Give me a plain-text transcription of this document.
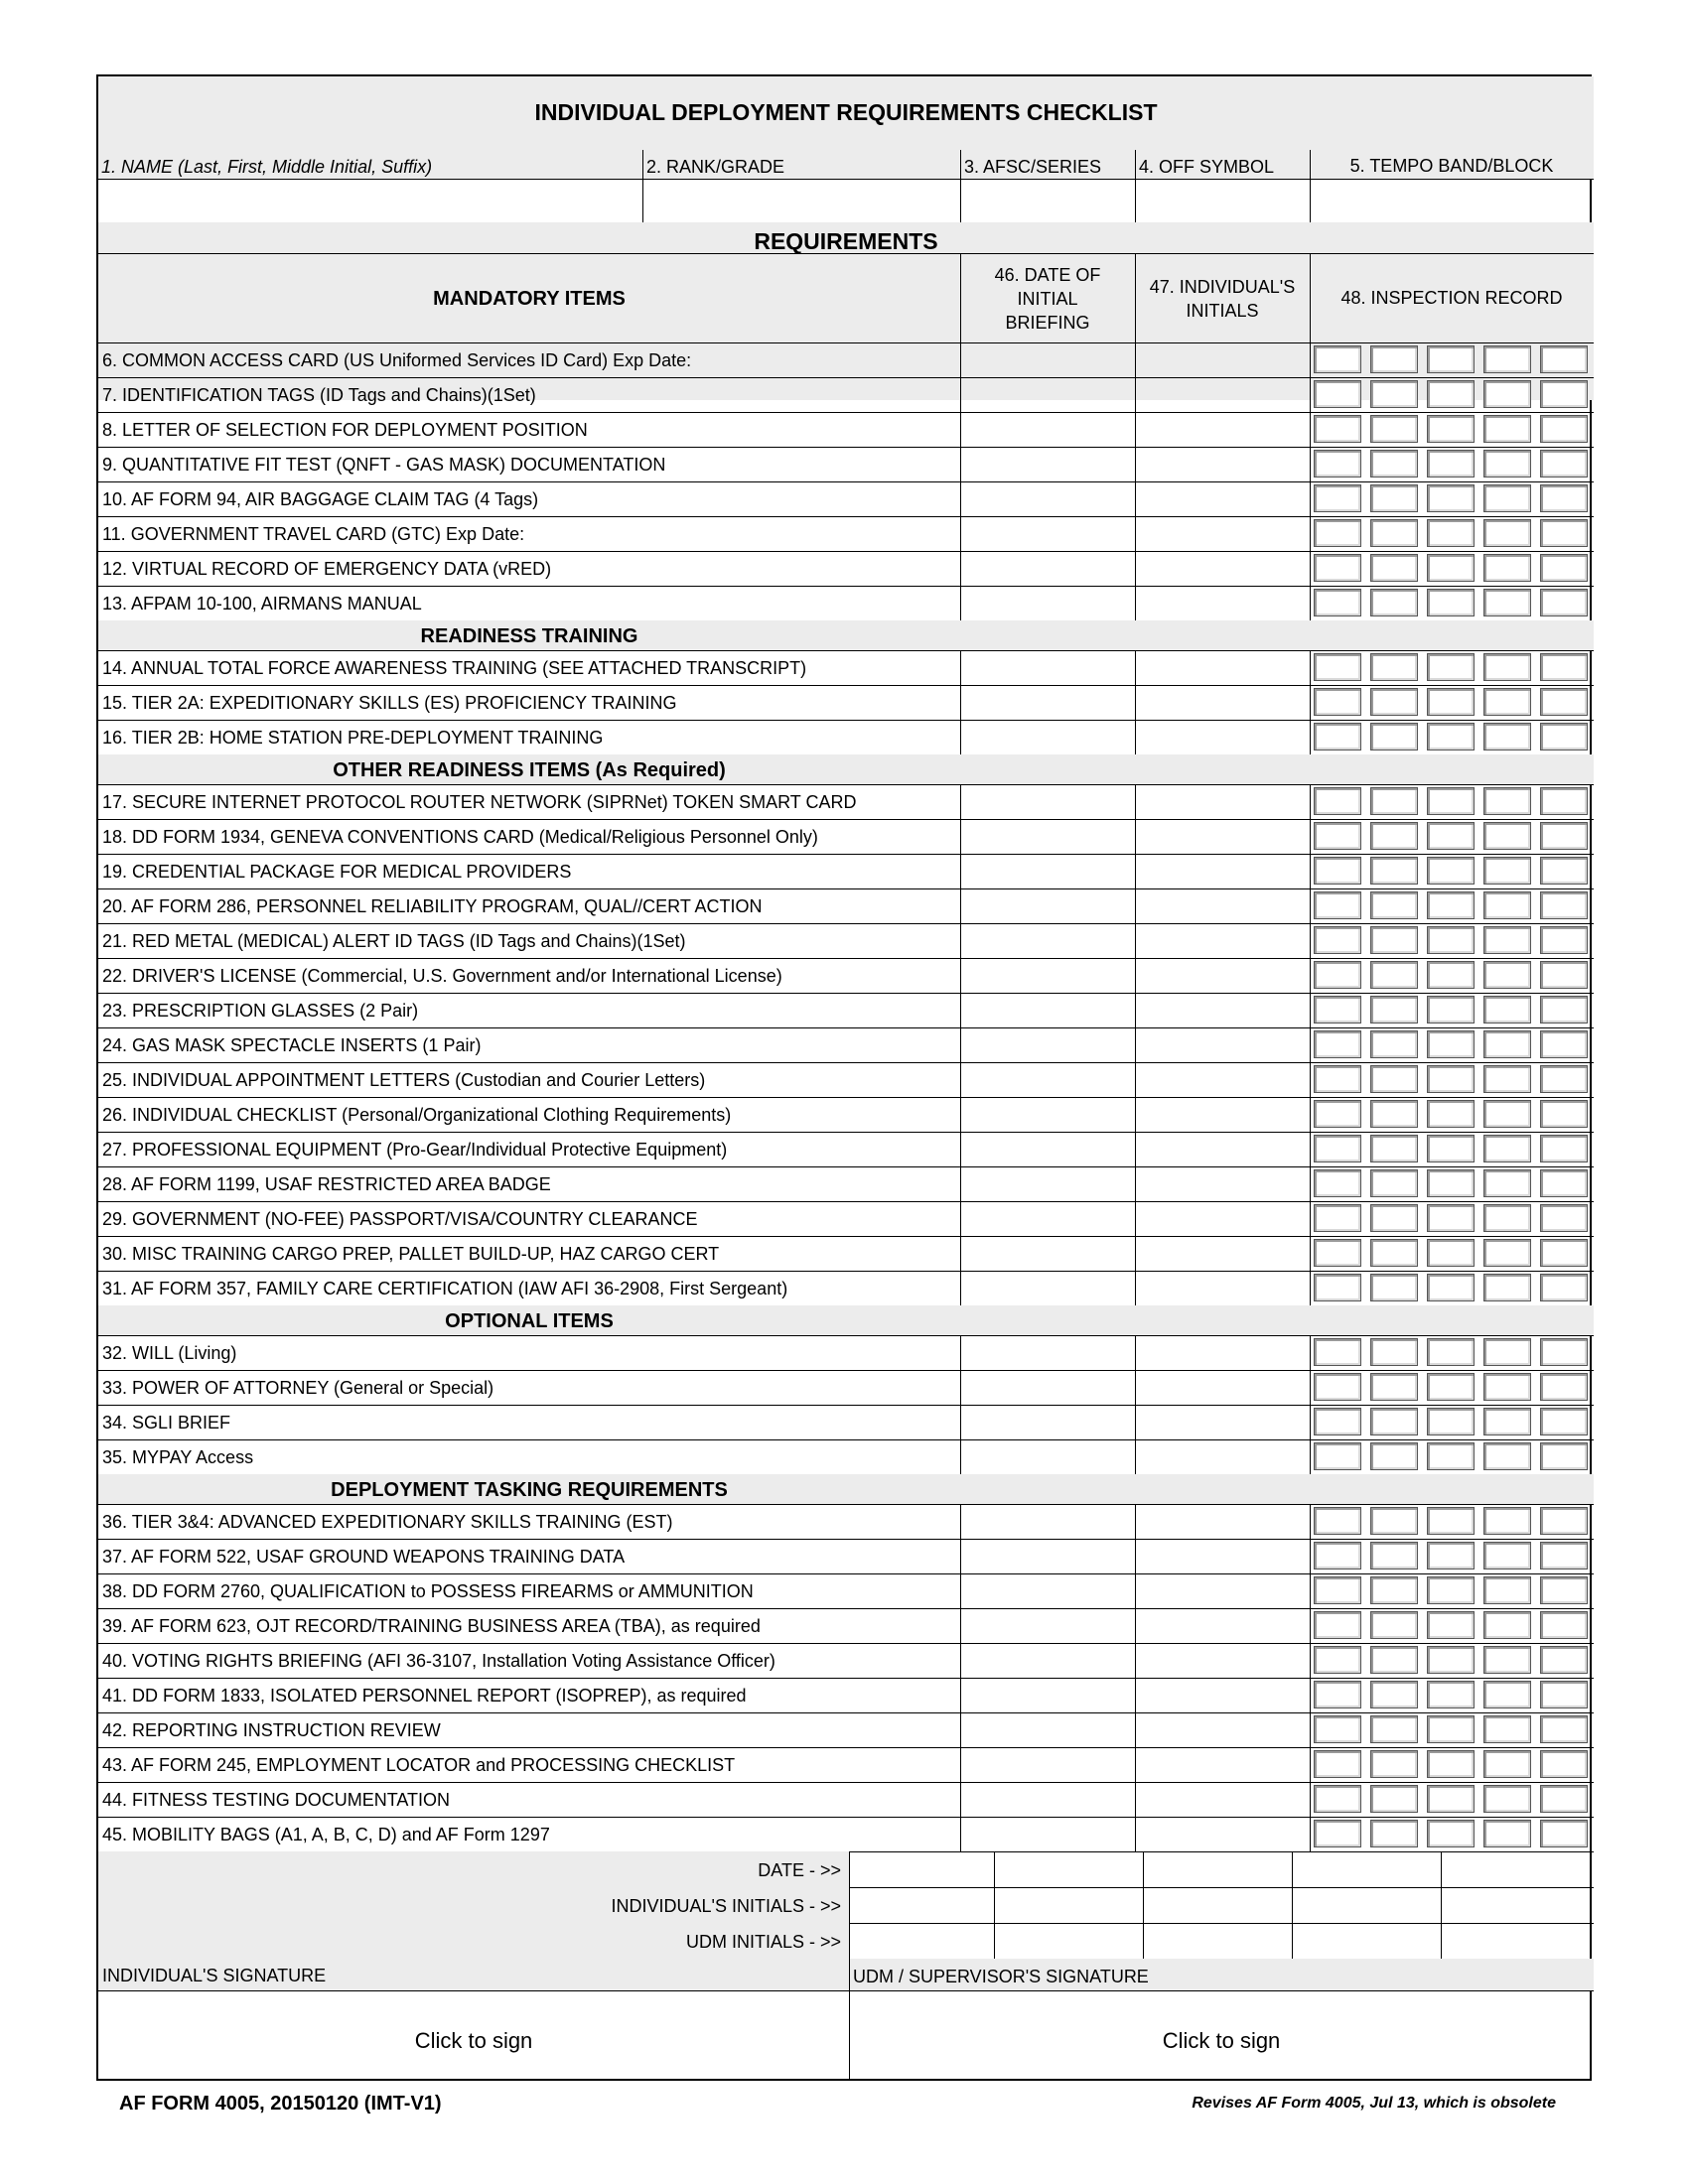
INDIVIDUAL DEPLOYMENT REQUIREMENTS CHECKLIST
1. NAME (Last, First, Middle Initial, Suffix)	2. RANK/GRADE	3. AFSC/SERIES 4. OFF SYMBOL	5. TEMPO BAND/BLOCK
REQUIREMENTS
MANDATORY ITEMS
46. DATE OF
INITIAL
BRIEFING
47. INDIVIDUAL'S
INITIALS
48. INSPECTION RECORD
6. COMMON ACCESS CARD (US Uniformed Services ID Card) Exp Date:
7. IDENTIFICATION TAGS (ID Tags and Chains)(1Set)
8. LETTER OF SELECTION FOR DEPLOYMENT POSITION
9. QUANTITATIVE FIT TEST (QNFT - GAS MASK) DOCUMENTATION
10. AF FORM 94, AIR BAGGAGE CLAIM TAG (4 Tags)
11. GOVERNMENT TRAVEL CARD (GTC) Exp Date:
12. VIRTUAL RECORD OF EMERGENCY DATA (vRED)
13. AFPAM 10-100, AIRMANS MANUAL
READINESS TRAINING
14. ANNUAL TOTAL FORCE AWARENESS TRAINING (SEE ATTACHED TRANSCRIPT)
15. TIER 2A: EXPEDITIONARY SKILLS (ES) PROFICIENCY TRAINING
16. TIER 2B: HOME STATION PRE-DEPLOYMENT TRAINING
OTHER READINESS ITEMS (As Required)
17. SECURE INTERNET PROTOCOL ROUTER NETWORK (SIPRNet) TOKEN SMART CARD
18. DD FORM 1934, GENEVA CONVENTIONS CARD (Medical/Religious Personnel Only)
19. CREDENTIAL PACKAGE FOR MEDICAL PROVIDERS
20. AF FORM 286, PERSONNEL RELIABILITY PROGRAM, QUAL//CERT ACTION
21. RED METAL (MEDICAL) ALERT ID TAGS (ID Tags and Chains)(1Set)
22. DRIVER'S LICENSE (Commercial, U.S. Government and/or International License)
23. PRESCRIPTION GLASSES (2 Pair)
24. GAS MASK SPECTACLE INSERTS (1 Pair)
25. INDIVIDUAL APPOINTMENT LETTERS (Custodian and Courier Letters)
26. INDIVIDUAL CHECKLIST (Personal/Organizational Clothing Requirements)
27. PROFESSIONAL EQUIPMENT (Pro-Gear/Individual Protective Equipment)
28. AF FORM 1199, USAF RESTRICTED AREA BADGE
29. GOVERNMENT (NO-FEE) PASSPORT/VISA/COUNTRY CLEARANCE
30. MISC TRAINING CARGO PREP, PALLET BUILD-UP, HAZ CARGO CERT
31. AF FORM 357, FAMILY CARE CERTIFICATION (IAW AFI 36-2908, First Sergeant)
OPTIONAL ITEMS
32. WILL (Living)
33. POWER OF ATTORNEY (General or Special)
34. SGLI BRIEF
35. MYPAY Access
DEPLOYMENT TASKING REQUIREMENTS
36. TIER 3&4: ADVANCED EXPEDITIONARY SKILLS TRAINING (EST)
37. AF FORM 522, USAF GROUND WEAPONS TRAINING DATA
38. DD FORM 2760, QUALIFICATION to POSSESS FIREARMS or AMMUNITION
39. AF FORM 623, OJT RECORD/TRAINING BUSINESS AREA (TBA), as required
40. VOTING RIGHTS BRIEFING (AFI 36-3107, Installation Voting Assistance Officer)
41. DD FORM 1833, ISOLATED PERSONNEL REPORT (ISOPREP), as required
42. REPORTING INSTRUCTION REVIEW
43. AF FORM 245, EMPLOYMENT LOCATOR and PROCESSING CHECKLIST
44. FITNESS TESTING DOCUMENTATION
45. MOBILITY BAGS (A1, A, B, C, D) and AF Form 1297
DATE - >>
INDIVIDUAL'S INITIALS - >>
UDM INITIALS - >>
INDIVIDUAL'S SIGNATURE	UDM / SUPERVISOR'S SIGNATURE
Click to sign	Click to sign
AF FORM 4005, 20150120 (IMT-V1)	Revises AF Form 4005, Jul 13, which is obsolete
